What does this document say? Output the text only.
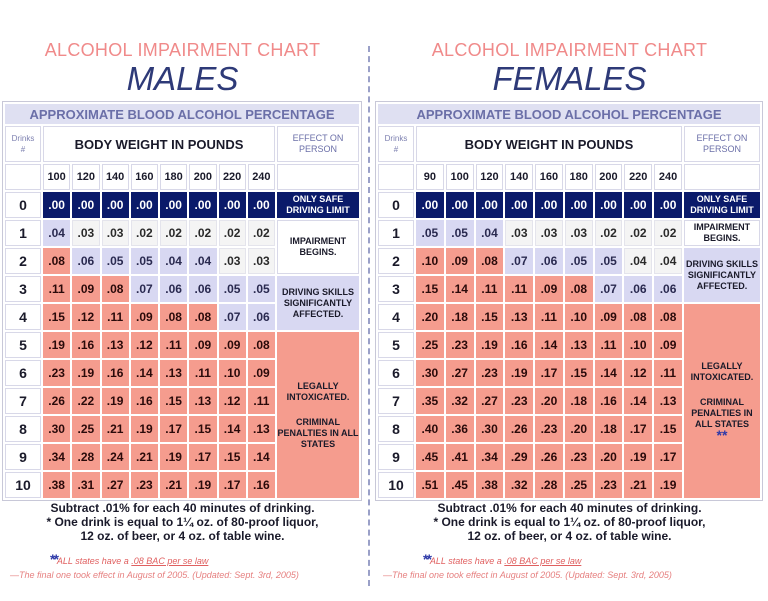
ALCOHOL IMPAIRMENT CHART
MALES
APPROXIMATE BLOOD ALCOHOL PERCENTAGE									

Drinks
#	BODY WEIGHT IN POUNDS								EFFECT ON PERSON
	100	120	140	160	180	200	220	240	
0	.00	.00	.00	.00	.00	.00	.00	.00	ONLY SAFE DRIVING LIMIT
1	.04	.03	.03	.02	.02	.02	.02	.02	IMPAIRMENT BEGINS.
2	.08	.06	.05	.05	.04	.04	.03	.03	
3	.11	.09	.08	.07	.06	.06	.05	.05	DRIVING SKILLS SIGNIFICANTLY AFFECTED.
4	.15	.12	.11	.09	.08	.08	.07	.06	
5	.19	.16	.13	.12	.11	.09	.09	.08	LEGALLY INTOXICATED.
CRIMINAL PENALTIES IN ALL STATES

6	.23	.19	.16	.14	.13	.11	.10	.09	
7	.26	.22	.19	.16	.15	.13	.12	.11	
8	.30	.25	.21	.19	.17	.15	.14	.13	
9	.34	.28	.24	.21	.19	.17	.15	.14	
10	.38	.31	.27	.23	.21	.19	.17	.16	
Subtract .01% for each 40 minutes of drinking.
* One drink is equal to 1¼ oz. of 80-proof liquor,
12 oz. of beer, or 4 oz. of table wine.
**ALL states have a .08 BAC per se law
—The final one took effect in August of 2005. (Updated: Sept. 3rd, 2005)
ALCOHOL IMPAIRMENT CHART
FEMALES
APPROXIMATE BLOOD ALCOHOL PERCENTAGE										

Drinks
#	BODY WEIGHT IN POUNDS									EFFECT ON PERSON
	90	100	120	140	160	180	200	220	240	
0	.00	.00	.00	.00	.00	.00	.00	.00	.00	ONLY SAFE DRIVING LIMIT
1	.05	.05	.04	.03	.03	.03	.02	.02	.02	IMPAIRMENT BEGINS.
2	.10	.09	.08	.07	.06	.05	.05	.04	.04	DRIVING SKILLS SIGNIFICANTLY AFFECTED.
3	.15	.14	.11	.11	.09	.08	.07	.06	.06	
4	.20	.18	.15	.13	.11	.10	.09	.08	.08	LEGALLY INTOXICATED.
CRIMINAL PENALTIES IN ALL STATES
**

5	.25	.23	.19	.16	.14	.13	.11	.10	.09	
6	.30	.27	.23	.19	.17	.15	.14	.12	.11	
7	.35	.32	.27	.23	.20	.18	.16	.14	.13	
8	.40	.36	.30	.26	.23	.20	.18	.17	.15	
9	.45	.41	.34	.29	.26	.23	.20	.19	.17	
10	.51	.45	.38	.32	.28	.25	.23	.21	.19	
Subtract .01% for each 40 minutes of drinking.
* One drink is equal to 1¼ oz. of 80-proof liquor,
12 oz. of beer, or 4 oz. of table wine.
**ALL states have a .08 BAC per se law
—The final one took effect in August of 2005. (Updated: Sept. 3rd, 2005)
